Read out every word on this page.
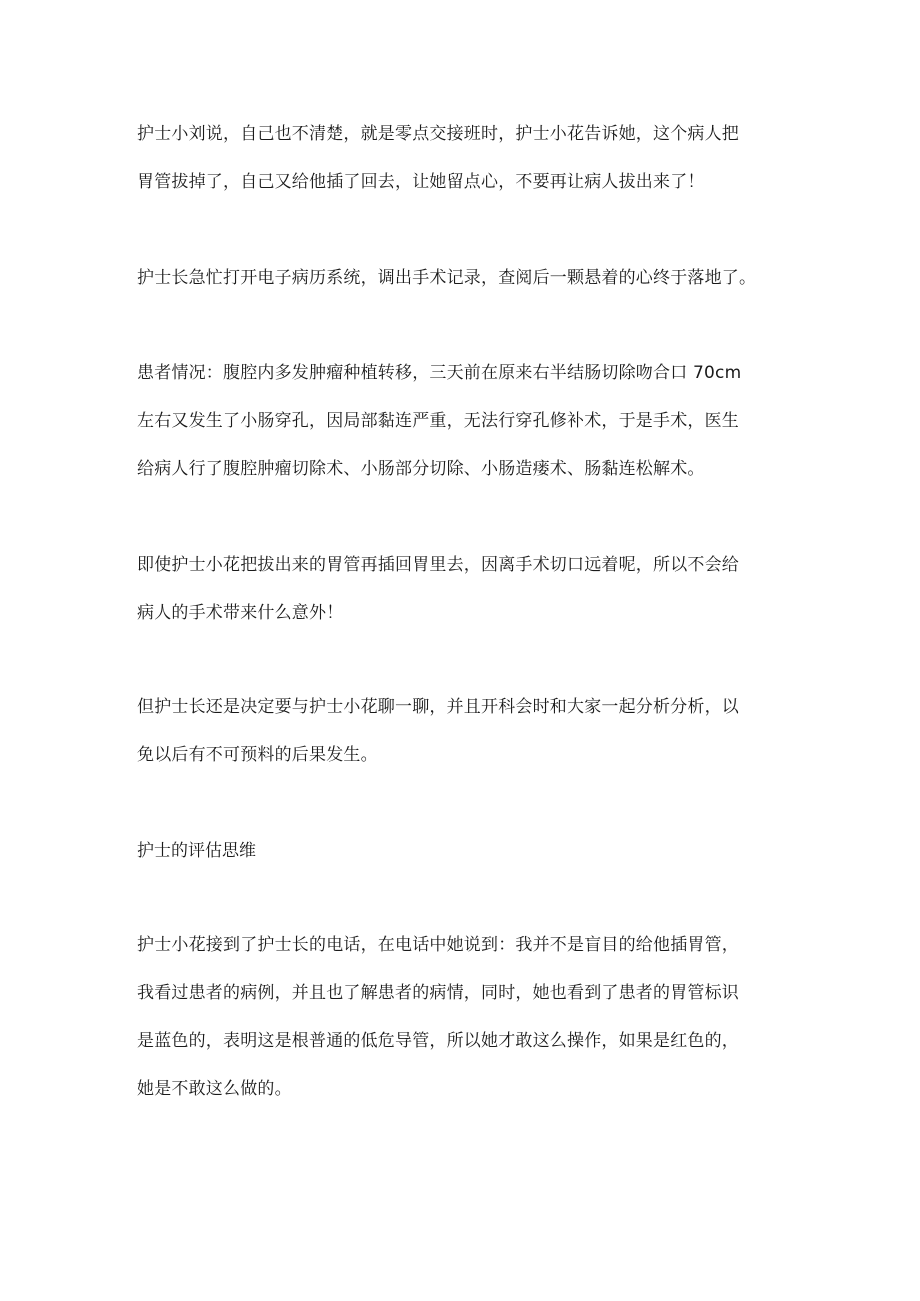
护士小刘说，自己也不清楚，就是零点交接班时，护士小花告诉她，这个病人把
胃管拔掉了，自己又给他插了回去，让她留点心，不要再让病人拔出来了！

护士长急忙打开电子病历系统，调出手术记录，查阅后一颗悬着的心终于落地了。

患者情况：腹腔内多发肿瘤种植转移，三天前在原来右半结肠切除吻合口 70cm
左右又发生了小肠穿孔，因局部黏连严重，无法行穿孔修补术，于是手术，医生
给病人行了腹腔肿瘤切除术、小肠部分切除、小肠造瘘术、肠黏连松解术。

即使护士小花把拔出来的胃管再插回胃里去，因离手术切口远着呢，所以不会给
病人的手术带来什么意外！

但护士长还是决定要与护士小花聊一聊，并且开科会时和大家一起分析分析，以
免以后有不可预料的后果发生。

护士的评估思维

护士小花接到了护士长的电话，在电话中她说到：我并不是盲目的给他插胃管，
我看过患者的病例，并且也了解患者的病情，同时，她也看到了患者的胃管标识
是蓝色的，表明这是根普通的低危导管，所以她才敢这么操作，如果是红色的，
她是不敢这么做的。
